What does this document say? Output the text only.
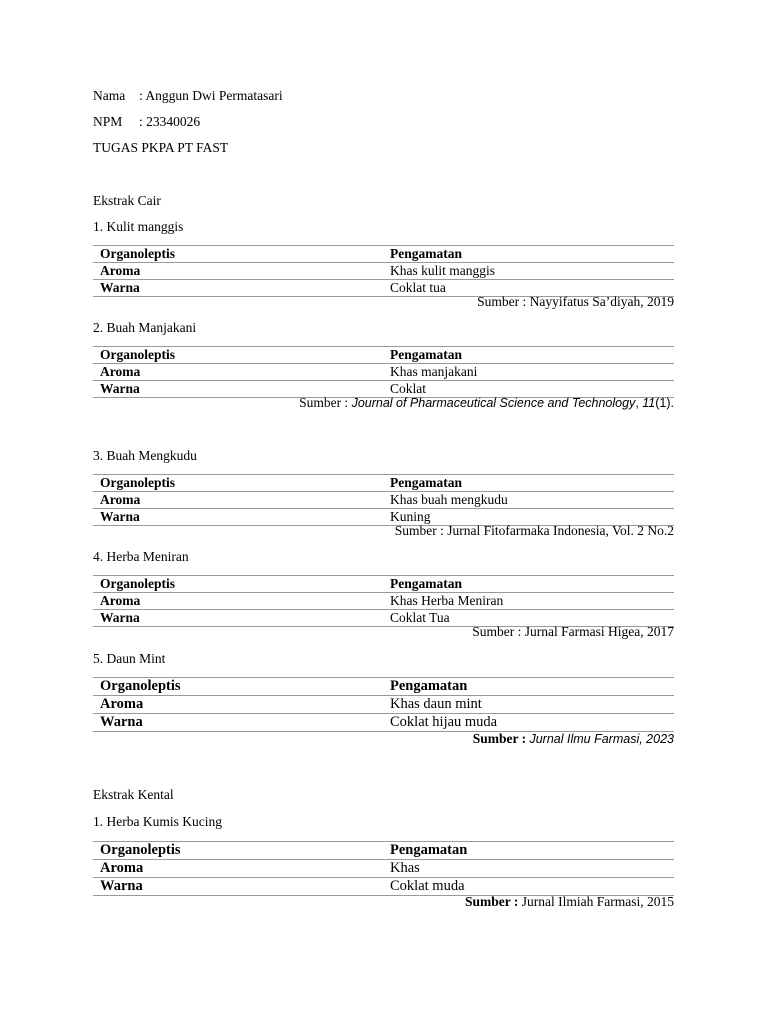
Nama : Anggun Dwi Permatasari
NPM : 23340026
TUGAS PKPA PT FAST
Ekstrak Cair
1. Kulit manggis
Organoleptis	Pengamatan
Aroma	Khas kulit manggis
Warna	Coklat tua
Sumber : Nayyifatus Sa’diyah, 2019
2. Buah Manjakani
Organoleptis	Pengamatan
Aroma	Khas manjakani
Warna	Coklat
Sumber : Journal of Pharmaceutical Science and Technology, 11(1).
3. Buah Mengkudu
Organoleptis	Pengamatan
Aroma	Khas buah mengkudu
Warna	Kuning
Sumber : Jurnal Fitofarmaka Indonesia, Vol. 2 No.2
4. Herba Meniran
Organoleptis	Pengamatan
Aroma	Khas Herba Meniran
Warna	Coklat Tua
Sumber : Jurnal Farmasi Higea, 2017
5. Daun Mint
Organoleptis	Pengamatan
Aroma	Khas daun mint
Warna	Coklat hijau muda
Sumber : Jurnal Ilmu Farmasi, 2023
Ekstrak Kental
1. Herba Kumis Kucing
Organoleptis	Pengamatan
Aroma	Khas
Warna	Coklat muda
Sumber : Jurnal Ilmiah Farmasi, 2015
